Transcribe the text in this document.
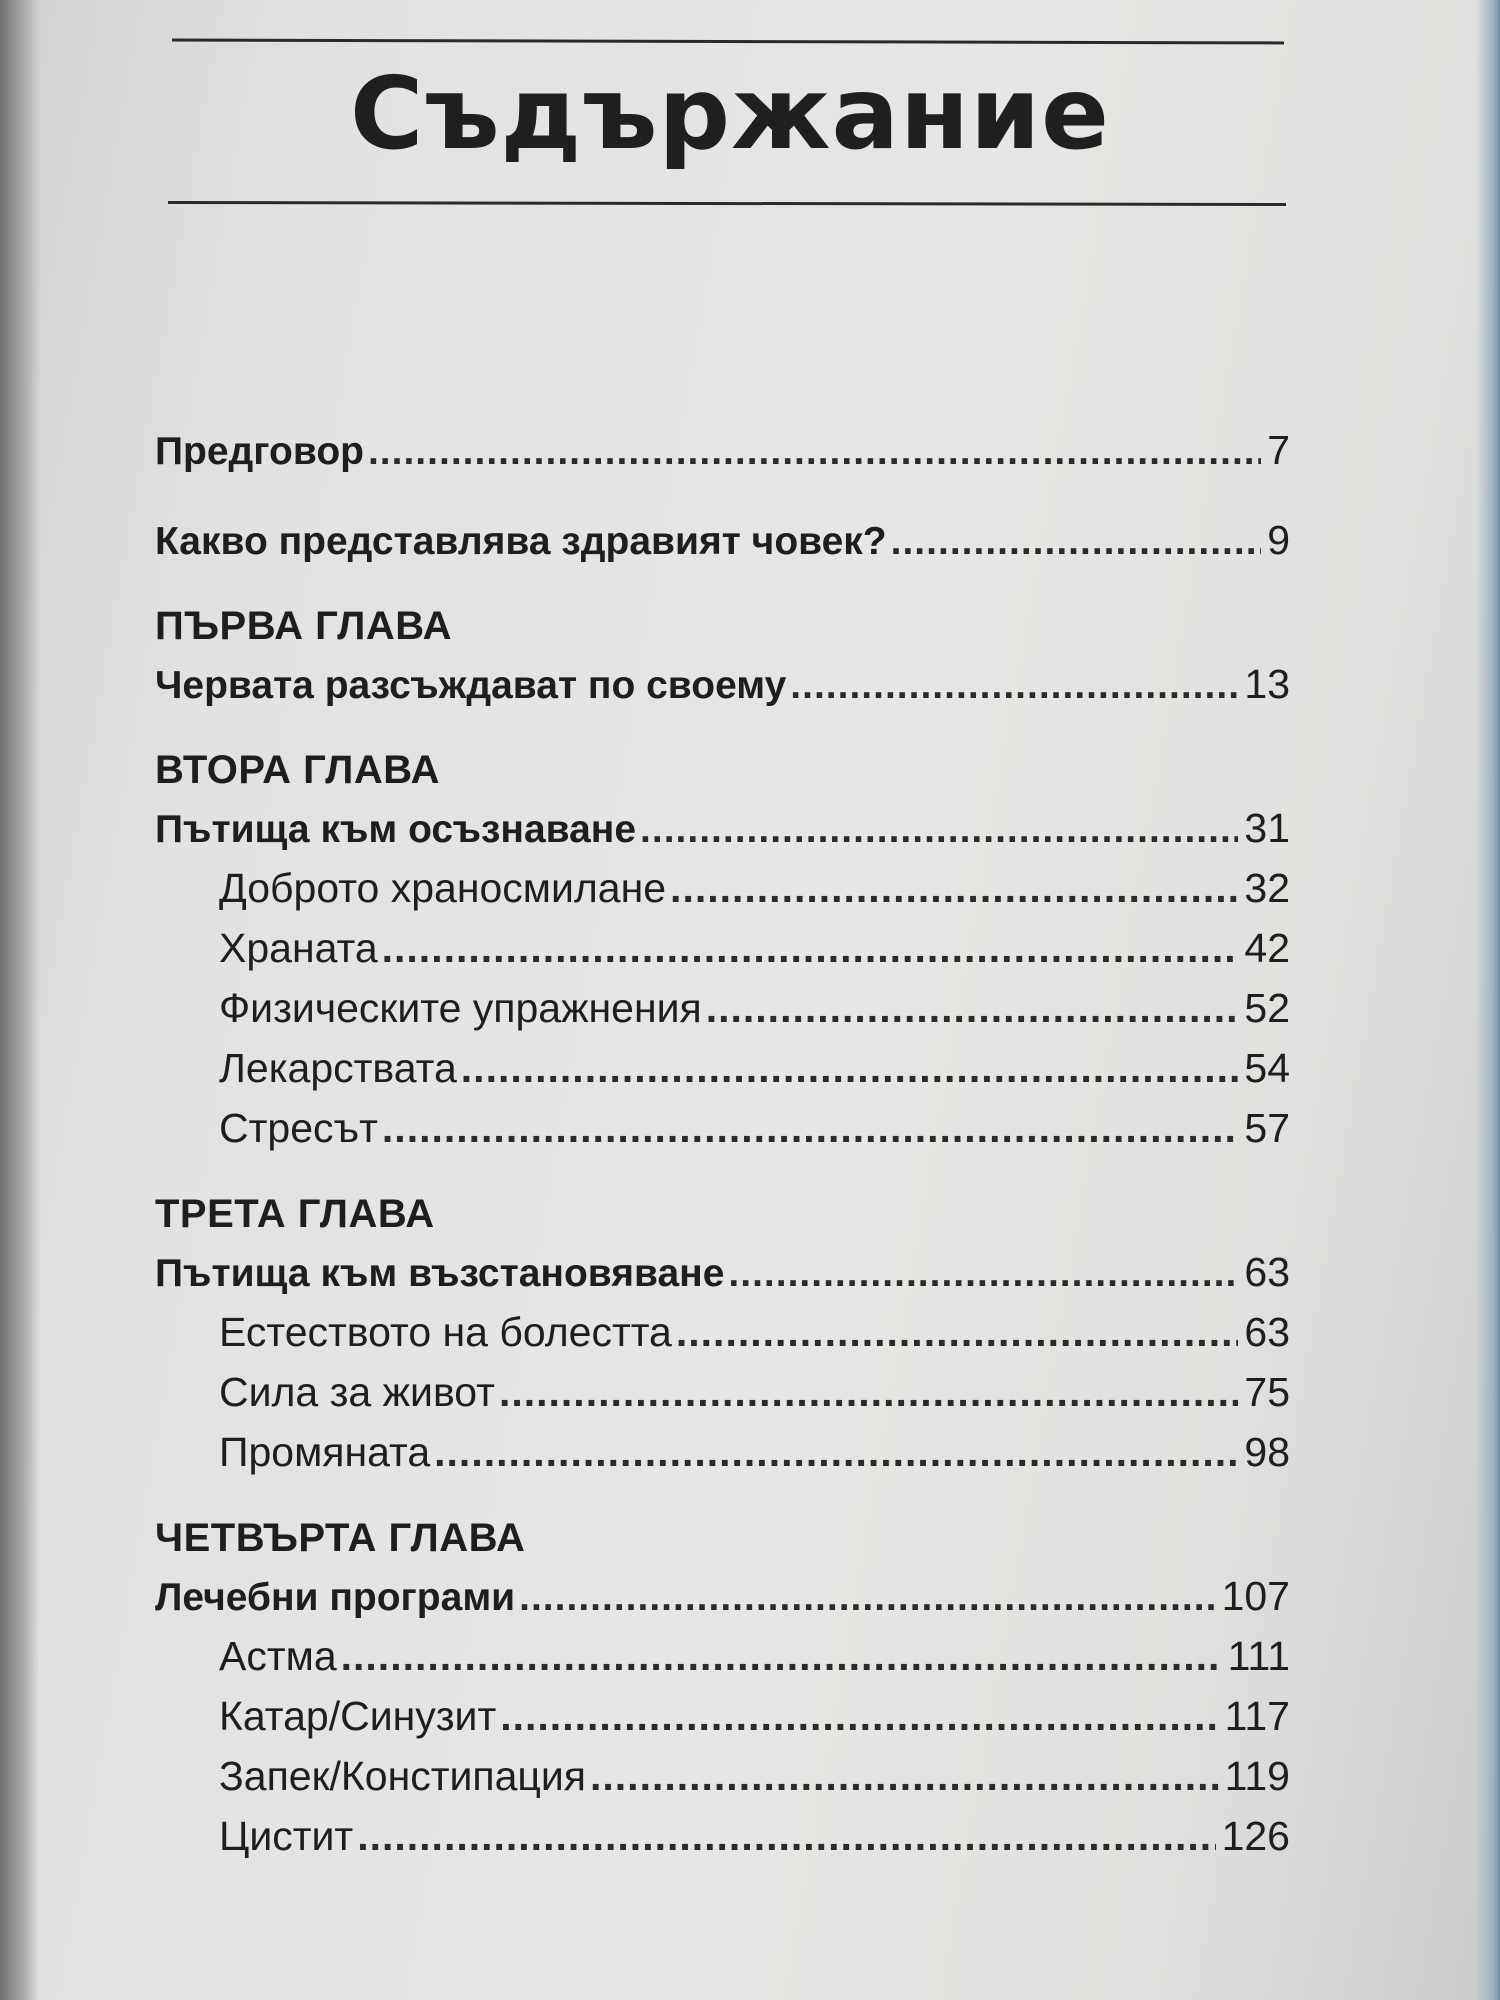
Съдържание
Предговор .....	7
Какво представлява здравият човек? .....	9
ПЪРВА ГЛАВА
Червата разсъждават по своему .....	13
ВТОРА ГЛАВА
Пътища към осъзнаване .....	31
Доброто храносмилане .....	32
Храната .....	42
Физическите упражнения .....	52
Лекарствата .....	54
Стресът .....	57
ТРЕТА ГЛАВА
Пътища към възстановяване .....	63
Естеството на болестта .....	63
Сила за живот .....	75
Промяната .....	98
ЧЕТВЪРТА ГЛАВА
Лечебни програми .....	107
Астма .....	111
Катар/Синузит .....	117
Запек/Констипация .....	119
Цистит .....	126
